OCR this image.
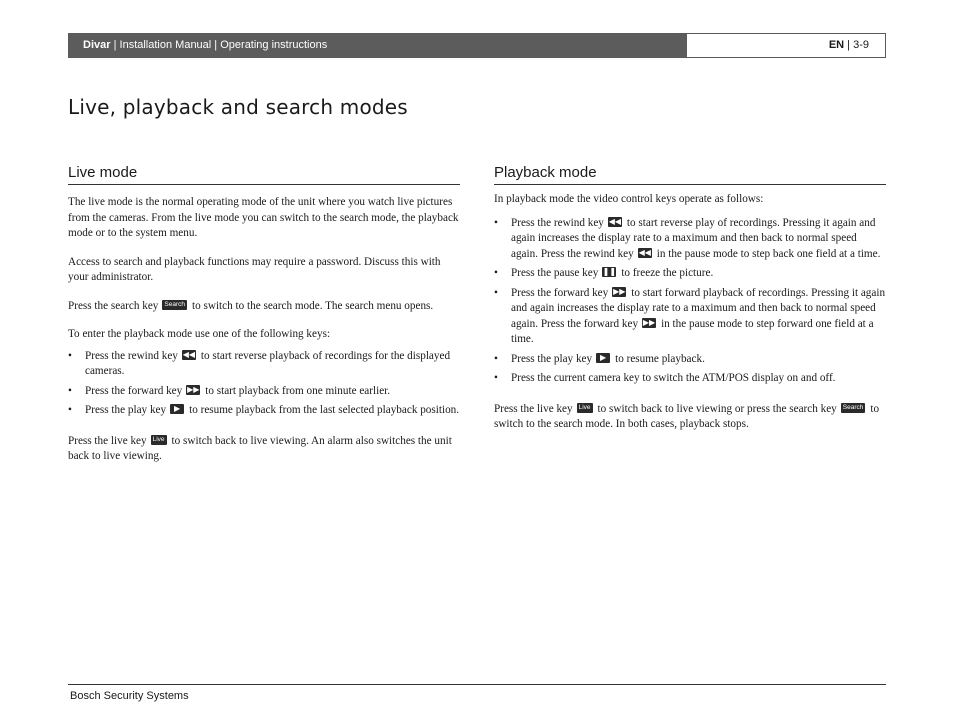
Divar | Installation Manual | Operating instructions	EN | 3-9
Live, playback and search modes
Live mode

The live mode is the normal operating mode of the unit where you watch live pictures from the cameras. From the live mode you can switch to the search mode, the playback mode or to the system menu.

Access to search and playback functions may require a password. Discuss this with your administrator.

Press the search key Search to switch to the search mode. The search menu opens.

To enter the playback mode use one of the following keys:

• Press the rewind key ◀◀ to start reverse playback of recordings for the displayed cameras.
• Press the forward key ▶▶ to start playback from one minute earlier.
• Press the play key ▶ to resume playback from the last selected playback position.

Press the live key Live to switch back to live viewing. An alarm also switches the unit back to live viewing.

Playback mode

In playback mode the video control keys operate as follows:

• Press the rewind key ◀◀ to start reverse play of recordings. Pressing it again and again increases the display rate to a maximum and then back to normal speed again. Press the rewind key ◀◀ in the pause mode to step back one field at a time.
• Press the pause key ❚❚ to freeze the picture.
• Press the forward key ▶▶ to start forward playback of recordings. Pressing it again and again increases the display rate to a maximum and then back to normal speed again. Press the forward key ▶▶ in the pause mode to step forward one field at a time.
• Press the play key ▶ to resume playback.
• Press the current camera key to switch the ATM/POS display on and off.

Press the live key Live to switch back to live viewing or press the search key Search to switch to the search mode. In both cases, playback stops.

Bosch Security Systems
